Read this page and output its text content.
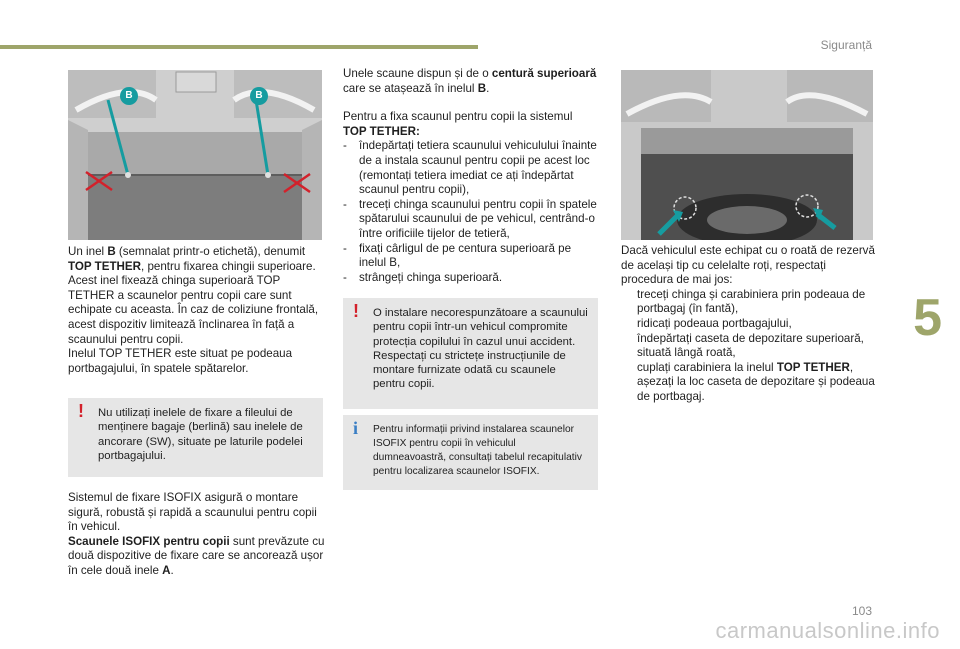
Siguranță
5
103
carmanualsonline.info
B	B
Un inel B (semnalat printr-o etichetă), denumit TOP TETHER, pentru fixarea chingii superioare.
Acest inel fixează chinga superioară TOP TETHER a scaunelor pentru copii care sunt echipate cu aceasta. În caz de coliziune frontală, acest dispozitiv limitează înclinarea în față a scaunului pentru copii.
Inelul TOP TETHER este situat pe podeaua portbagajului, în spatele spătarelor.
! Nu utilizați inelele de fixare a fileului de menținere bagaje (berlină) sau inelele de ancorare (SW), situate pe laturile podelei portbagajului.
Sistemul de fixare ISOFIX asigură o montare sigură, robustă și rapidă a scaunului pentru copii în vehicul.
Scaunele ISOFIX pentru copii sunt prevăzute cu două dispozitive de fixare care se ancorează ușor în cele două inele A.
Unele scaune dispun și de o centură superioară care se atașează în inelul B.
Pentru a fixa scaunul pentru copii la sistemul TOP TETHER:
- îndepărtați tetiera scaunului vehiculului înainte de a instala scaunul pentru copii pe acest loc (remontați tetiera imediat ce ați îndepărtat scaunul pentru copii),
- treceți chinga scaunului pentru copii în spatele spătarului scaunului de pe vehicul, centrând-o între orificiile tijelor de tetieră,
- fixați cârligul de pe centura superioară pe inelul B,
- strângeți chinga superioară.
! O instalare necorespunzătoare a scaunului pentru copii într-un vehicul compromite protecția copilului în cazul unui accident.
Respectați cu strictețe instrucțiunile de montare furnizate odată cu scaunele pentru copii.
i Pentru informații privind instalarea scaunelor ISOFIX pentru copii în vehiculul dumneavoastră, consultați tabelul recapitulativ pentru localizarea scaunelor ISOFIX.
Dacă vehiculul este echipat cu o roată de rezervă de același tip cu celelalte roți, respectați procedura de mai jos:
treceți chinga și carabiniera prin podeaua de portbagaj (în fantă),
ridicați podeaua portbagajului,
îndepărtați caseta de depozitare superioară, situată lângă roată,
cuplați carabiniera la inelul TOP TETHER,
așezați la loc caseta de depozitare și podeaua de portbagaj.
